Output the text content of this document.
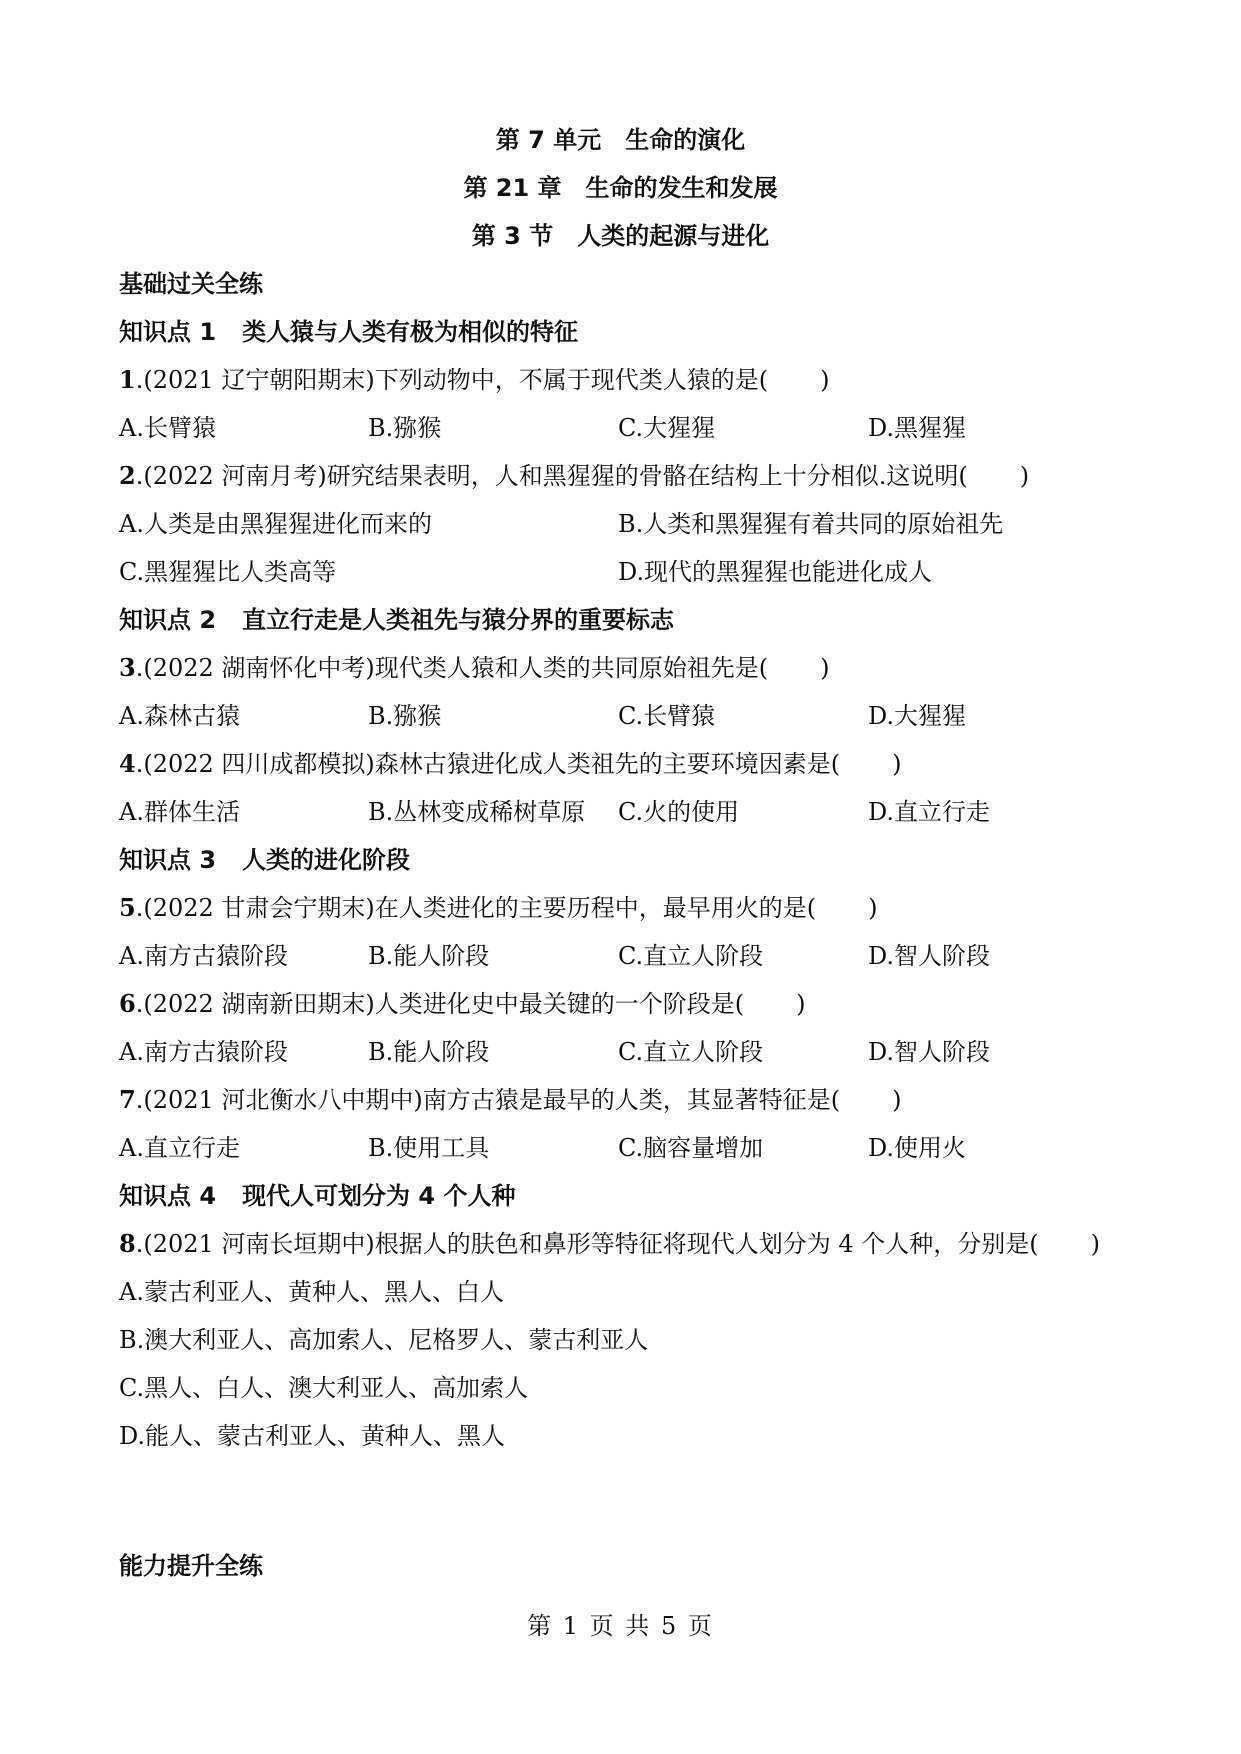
第 7 单元　生命的演化
第 21 章　生命的发生和发展
第 3 节　人类的起源与进化
基础过关全练
知识点 1 类人猿与人类有极为相似的特征
1.(2021 辽宁朝阳期末)下列动物中，不属于现代类人猿的是( )
A.长臂猿	B.猕猴	C.大猩猩	D.黑猩猩
2.(2022 河南月考)研究结果表明，人和黑猩猩的骨骼在结构上十分相似.这说明( )
A.人类是由黑猩猩进化而来的	B.人类和黑猩猩有着共同的原始祖先
C.黑猩猩比人类高等	D.现代的黑猩猩也能进化成人
知识点 2 直立行走是人类祖先与猿分界的重要标志
3.(2022 湖南怀化中考)现代类人猿和人类的共同原始祖先是( )
A.森林古猿	B.猕猴	C.长臂猿	D.大猩猩
4.(2022 四川成都模拟)森林古猿进化成人类祖先的主要环境因素是( )
A.群体生活	B.丛林变成稀树草原 C.火的使用	D.直立行走
知识点 3 人类的进化阶段
5.(2022 甘肃会宁期末)在人类进化的主要历程中，最早用火的是( )
A.南方古猿阶段	B.能人阶段	C.直立人阶段	D.智人阶段
6.(2022 湖南新田期末)人类进化史中最关键的一个阶段是( )
A.南方古猿阶段	B.能人阶段	C.直立人阶段	D.智人阶段
7.(2021 河北衡水八中期中)南方古猿是最早的人类，其显著特征是( )
A.直立行走	B.使用工具	C.脑容量增加	D.使用火
知识点 4 现代人可划分为 4 个人种
8.(2021 河南长垣期中)根据人的肤色和鼻形等特征将现代人划分为 4 个人种，分别是( )
A.蒙古利亚人、黄种人、黑人、白人
B.澳大利亚人、高加索人、尼格罗人、蒙古利亚人
C.黑人、白人、澳大利亚人、高加索人
D.能人、蒙古利亚人、黄种人、黑人
能力提升全练
第 1 页 共 5 页
